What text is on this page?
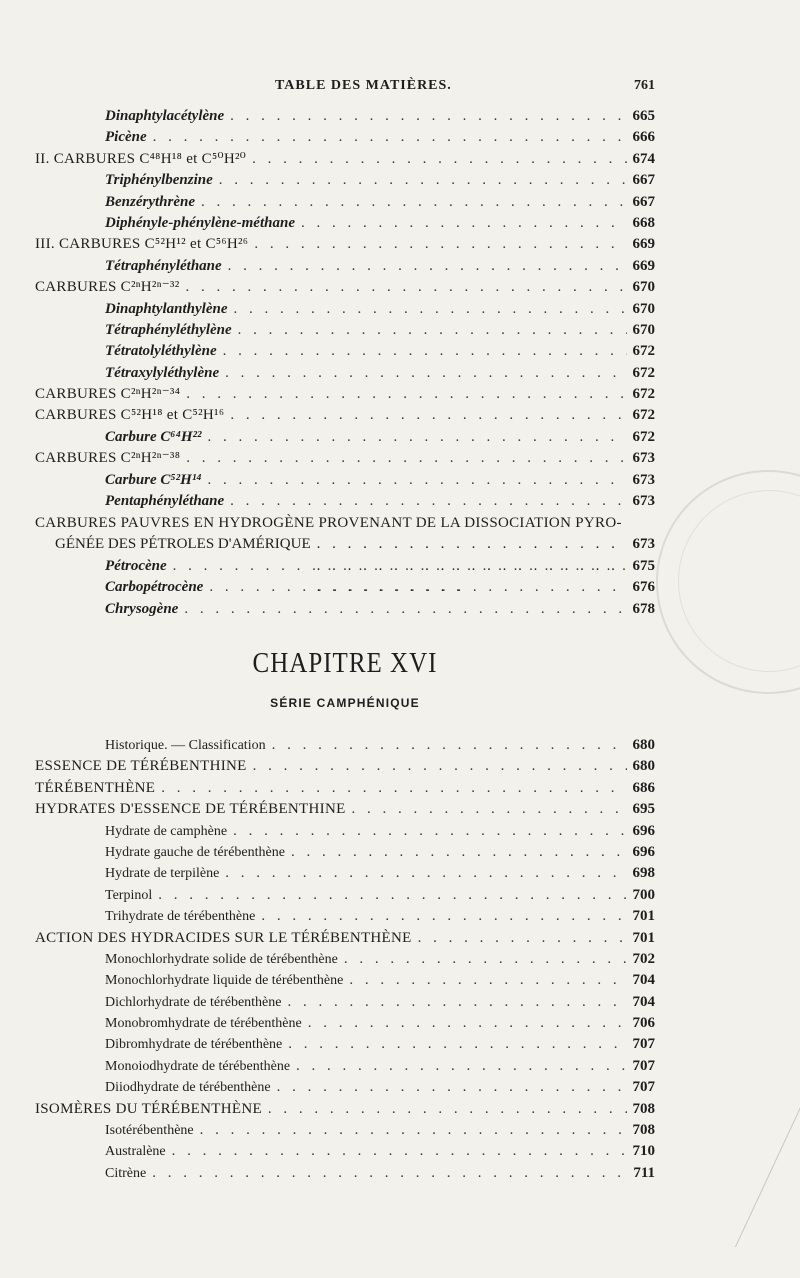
TABLE DES MATIÈRES.	761
Dinaphtylacétylène . . .	665
Picène . . .	666
II. CARBURES C⁴⁸H¹⁸ et C⁵⁰H²⁰ . . .	674
Triphénylbenzine . . .	667
Benzérythrène . . .	667
Diphényle-phénylène-méthane . . .	668
III. CARBURES C⁵²H¹² et C⁵⁶H²⁶ . . .	669
Tétraphényléthane . . .	669
CARBURES C²ⁿH²ⁿ⁻³² . . .	670
Dinaphtylanthylène . . .	670
Tétraphényléthylène . . .	670
Tétratolyléthylène . . .	672
Tétraxylyléthylène . . .	672
CARBURES C²ⁿH²ⁿ⁻³⁴ . . .	672
CARBURES C⁵²H¹⁸ et C⁵²H¹⁶ . . .	672
Carbure C⁶⁴H²² . . .	672
CARBURES C²ⁿH²ⁿ⁻³⁸ . . .	673
Carbure C⁵²H¹⁴ . . .	673
Pentaphényléthane . . .	673
CARBURES PAUVRES EN HYDROGÈNE PROVENANT DE LA DISSOCIATION PYRO-
GÉNÉE DES PÉTROLES D'AMÉRIQUE . . .	673
Pétrocène . . .	675
Carbopétrocène . . .	676
Chrysogène . . .	678
CHAPITRE XVI
SÉRIE CAMPHÉNIQUE
Historique. — Classification . . .	680
ESSENCE DE TÉRÉBENTHINE . . .	680
TÉRÉBENTHÈNE . . .	686
HYDRATES D'ESSENCE DE TÉRÉBENTHINE . . .	695
Hydrate de camphène . . .	696
Hydrate gauche de térébenthène . . .	696
Hydrate de terpilène . . .	698
Terpinol . . .	700
Trihydrate de térébenthène . . .	701
ACTION DES HYDRACIDES SUR LE TÉRÉBENTHÈNE . . .	701
Monochlorhydrate solide de térébenthène . . .	702
Monochlorhydrate liquide de térébenthène . . .	704
Dichlorhydrate de térébenthène . . .	704
Monobromhydrate de térébenthène . . .	706
Dibromhydrate de térébenthène . . .	707
Monoiodhydrate de térébenthène . . .	707
Diiodhydrate de térébenthène . . .	707
ISOMÈRES DU TÉRÉBENTHÈNE . . .	708
Isotérébenthène . . .	708
Australène . . .	710
Citrène . . .	711
